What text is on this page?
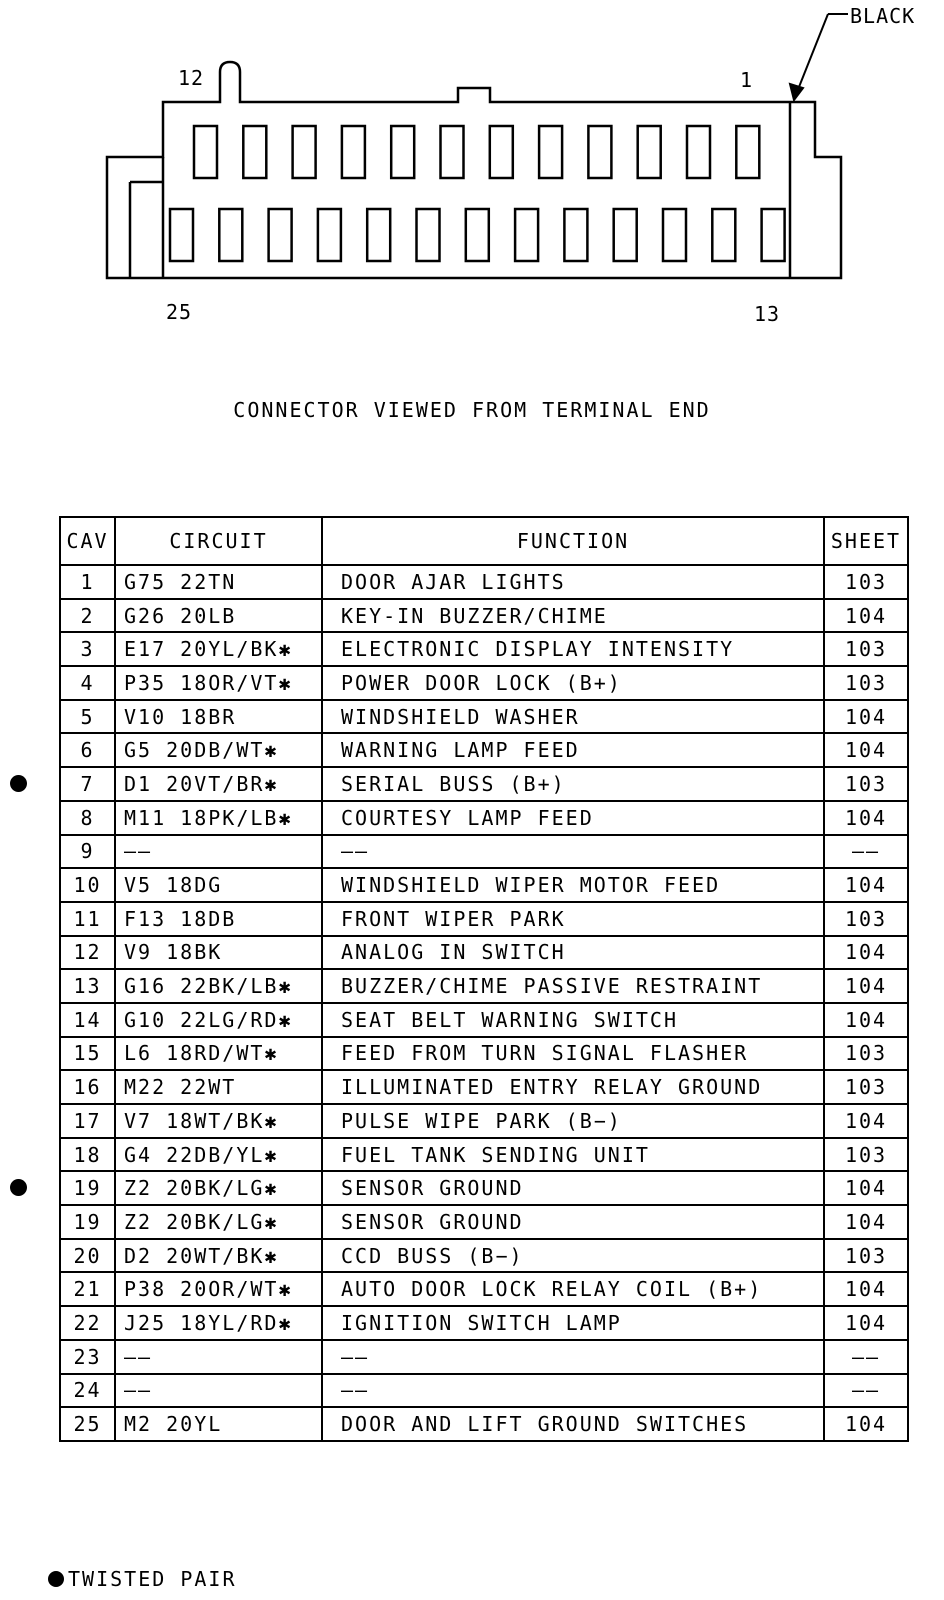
BLACK
12	1
25	13
CONNECTOR VIEWED FROM TERMINAL END
CAV	CIRCUIT	FUNCTION	SHEET
1	G75 22TN	DOOR AJAR LIGHTS	103
2	G26 20LB	KEY-IN BUZZER/CHIME	104
3	E17 20YL/BK✱	ELECTRONIC DISPLAY INTENSITY	103
4	P35 18OR/VT✱	POWER DOOR LOCK (B+)	103
5	V10 18BR	WINDSHIELD WASHER	104
6	G5 20DB/WT✱	WARNING LAMP FEED	104
7	D1 20VT/BR✱	SERIAL BUSS (B+)	103
8	M11 18PK/LB✱	COURTESY LAMP FEED	104
9	——	——	——
10	V5 18DG	WINDSHIELD WIPER MOTOR FEED	104
11	F13 18DB	FRONT WIPER PARK	103
12	V9 18BK	ANALOG IN SWITCH	104
13	G16 22BK/LB✱	BUZZER/CHIME PASSIVE RESTRAINT	104
14	G10 22LG/RD✱	SEAT BELT WARNING SWITCH	104
15	L6 18RD/WT✱	FEED FROM TURN SIGNAL FLASHER	103
16	M22 22WT	ILLUMINATED ENTRY RELAY GROUND	103
17	V7 18WT/BK✱	PULSE WIPE PARK (B−)	104
18	G4 22DB/YL✱	FUEL TANK SENDING UNIT	103
19	Z2 20BK/LG✱	SENSOR GROUND	104
19	Z2 20BK/LG✱	SENSOR GROUND	104
20	D2 20WT/BK✱	CCD BUSS (B−)	103
21	P38 20OR/WT✱	AUTO DOOR LOCK RELAY COIL (B+)	104
22	J25 18YL/RD✱	IGNITION SWITCH LAMP	104
23	——	——	——
24	——	——	——
25	M2 20YL	DOOR AND LIFT GROUND SWITCHES	104
TWISTED PAIR
